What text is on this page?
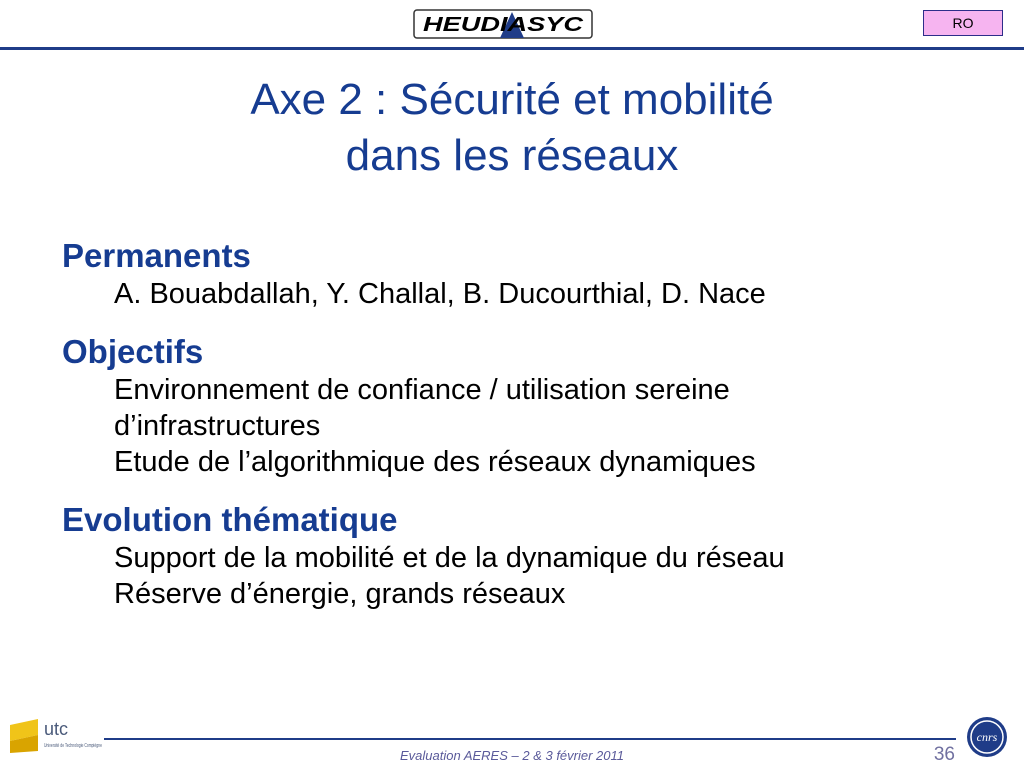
HEUDIASYC	RO
Axe 2 : Sécurité et mobilité
dans les réseaux

Permanents

A. Bouabdallah, Y. Challal, B. Ducourthial, D. Nace

Objectifs

Environnement de confiance / utilisation sereine

d’infrastructures

Etude de l’algorithmique des réseaux dynamiques

Evolution thématique

Support de la mobilité et de la dynamique du réseau

Réserve d’énergie, grands réseaux

utc
Université de Technologie Compiègne
Evaluation AERES – 2 & 3 février 2011	36
cnrs
